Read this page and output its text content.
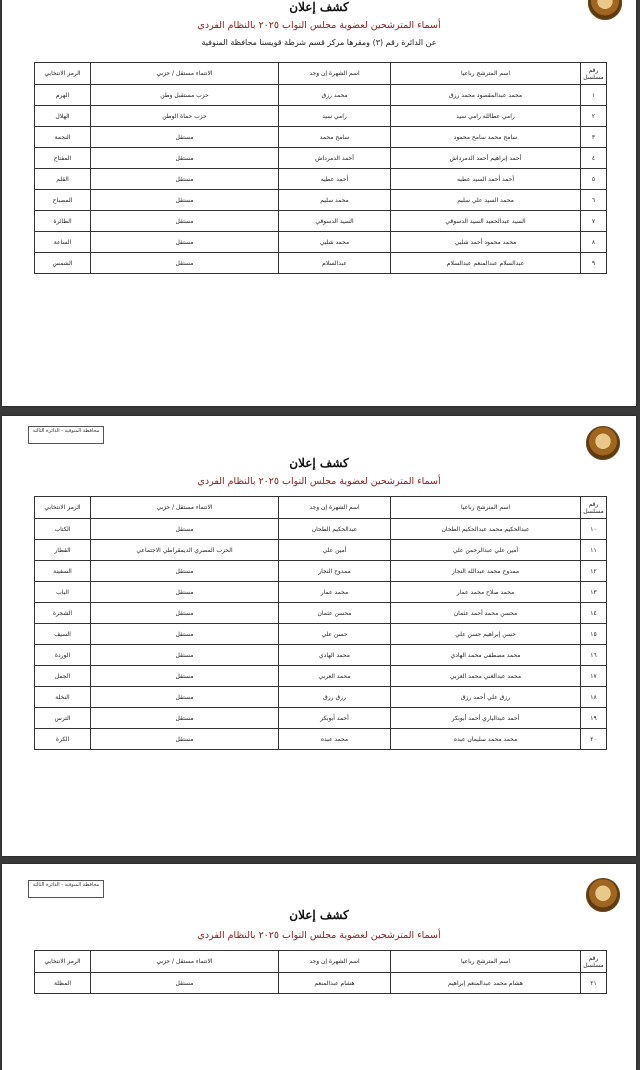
كشف إعلان
أسماء المترشحين لعضوية مجلس النواب ٢٠٢٥ بالنظام الفردي
عن الدائرة رقم (٣) ومقرها مركز قسم شرطة قويسنا محافظة المنوفية
رقم مسلسل	اسم المترشح رباعيا	اسم الشهرة إن وجد	الانتماء مستقل / حزبي	الرمز الانتخابي
١	محمد عبدالمقصود محمد رزق	محمد رزق	حزب مستقبل وطن	الهرم
٢	رامي عطالله رامي سيد	رامي سيد	حزب حماة الوطن	الهلال
٣	سامح محمد سامح محمود	سامح محمد	مستقل	النجمة
٤	أحمد إبراهيم أحمد الدمرداش	أحمد الدمرداش	مستقل	المفتاح
٥	أحمد أحمد السيد عطيه	أحمد عطيه	مستقل	القلم
٦	محمد السيد علي سليم	محمد سليم	مستقل	المصباح
٧	السيد عبدالحميد السيد الدسوقي	السيد الدسوقي	مستقل	الطائرة
٨	محمد محمود أحمد شلبي	محمد شلبي	مستقل	الساعة
٩	عبدالسلام عبدالمنعم عبدالسلام	عبدالسلام	مستقل	الشمس
محافظة المنوفية - الدائرة الثالثة
كشف إعلان
أسماء المترشحين لعضوية مجلس النواب ٢٠٢٥ بالنظام الفردي
رقم مسلسل	اسم المترشح رباعيا	اسم الشهرة إن وجد	الانتماء مستقل / حزبي	الرمز الانتخابي
١٠	عبدالحكيم محمد عبدالحكيم الطحان	عبدالحكيم الطحان	مستقل	الكتاب
١١	أمين علي عبدالرحمن علي	أمين علي	الحزب المصري الديمقراطي الاجتماعي	القطار
١٢	ممدوح محمد عبدالله النجار	ممدوح النجار	مستقل	السفينة
١٣	محمد صلاح محمد عمار	محمد عمار	مستقل	الباب
١٤	محسن محمد أحمد عثمان	محسن عثمان	مستقل	الشجرة
١٥	حسن إبراهيم حسن علي	حسن علي	مستقل	السيف
١٦	محمد مصطفى محمد الهادي	محمد الهادي	مستقل	الوردة
١٧	محمد عبدالغني محمد العربي	محمد العربي	مستقل	الجمل
١٨	رزق علي أحمد رزق	رزق رزق	مستقل	النخلة
١٩	أحمد عبدالباري أحمد أبوبكر	أحمد أبوبكر	مستقل	الترس
٢٠	محمد محمد سليمان عبده	محمد عبده	مستقل	الكرة
محافظة المنوفية - الدائرة الثالثة
كشف إعلان
أسماء المترشحين لعضوية مجلس النواب ٢٠٢٥ بالنظام الفردي
رقم مسلسل	اسم المترشح رباعيا	اسم الشهرة إن وجد	الانتماء مستقل / حزبي	الرمز الانتخابي
٢١	هشام محمد عبدالمنعم إبراهيم	هشام عبدالمنعم	مستقل	المظلة
